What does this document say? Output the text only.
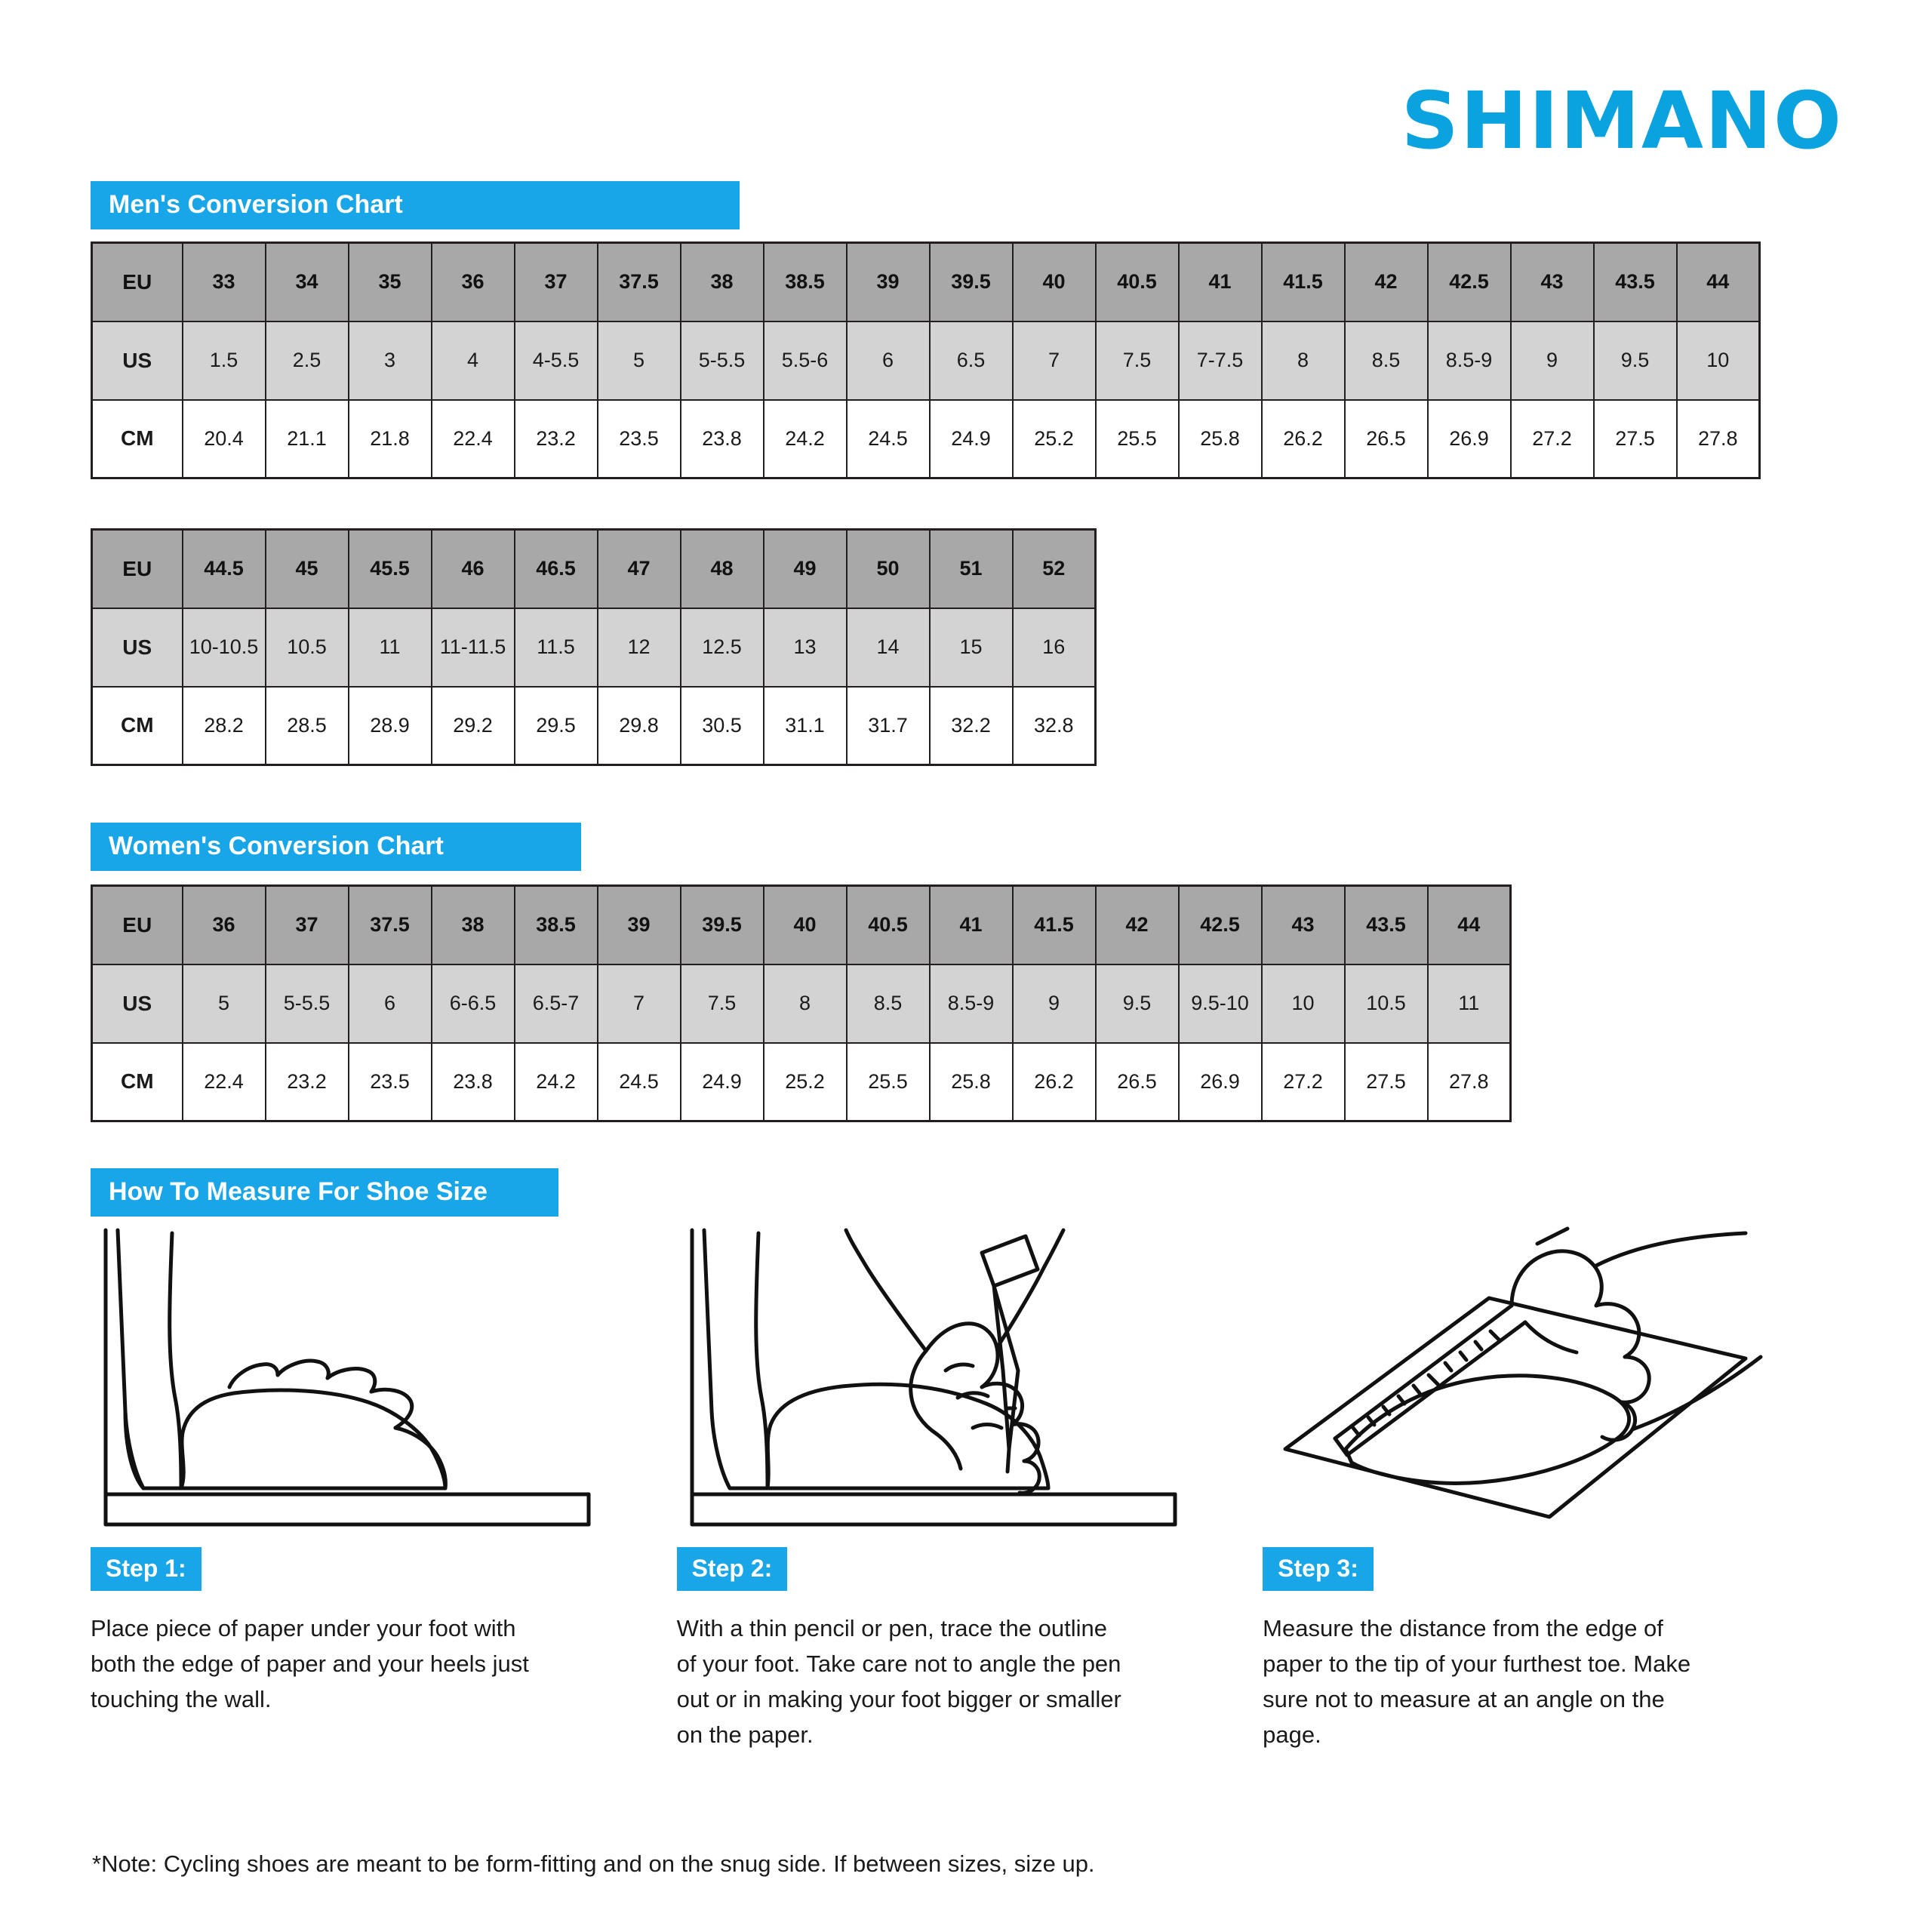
SHIMANO
Men's Conversion Chart
EU	33	34	35	36	37	37.5	38	38.5	39	39.5	40	40.5	41	41.5	42	42.5	43	43.5	44
US	1.5	2.5	3	4	4-5.5	5	5-5.5	5.5-6	6	6.5	7	7.5	7-7.5	8	8.5	8.5-9	9	9.5	10
CM	20.4	21.1	21.8	22.4	23.2	23.5	23.8	24.2	24.5	24.9	25.2	25.5	25.8	26.2	26.5	26.9	27.2	27.5	27.8
EU	44.5	45	45.5	46	46.5	47	48	49	50	51	52
US	10-10.5	10.5	11	11-11.5	11.5	12	12.5	13	14	15	16
CM	28.2	28.5	28.9	29.2	29.5	29.8	30.5	31.1	31.7	32.2	32.8
Women's Conversion Chart
EU	36	37	37.5	38	38.5	39	39.5	40	40.5	41	41.5	42	42.5	43	43.5	44
US	5	5-5.5	6	6-6.5	6.5-7	7	7.5	8	8.5	8.5-9	9	9.5	9.5-10	10	10.5	11
CM	22.4	23.2	23.5	23.8	24.2	24.5	24.9	25.2	25.5	25.8	26.2	26.5	26.9	27.2	27.5	27.8
How To Measure For Shoe Size
Step 1:
Place piece of paper under your foot with both the edge of paper and your heels just touching the wall.
Step 2:
With a thin pencil or pen, trace the outline of your foot. Take care not to angle the pen out or in making your foot bigger or smaller on the paper.
Step 3:
Measure the distance from the edge of paper to the tip of your furthest toe. Make sure not to measure at an angle on the page.
*Note: Cycling shoes are meant to be form-fitting and on the snug side. If between sizes, size up.
